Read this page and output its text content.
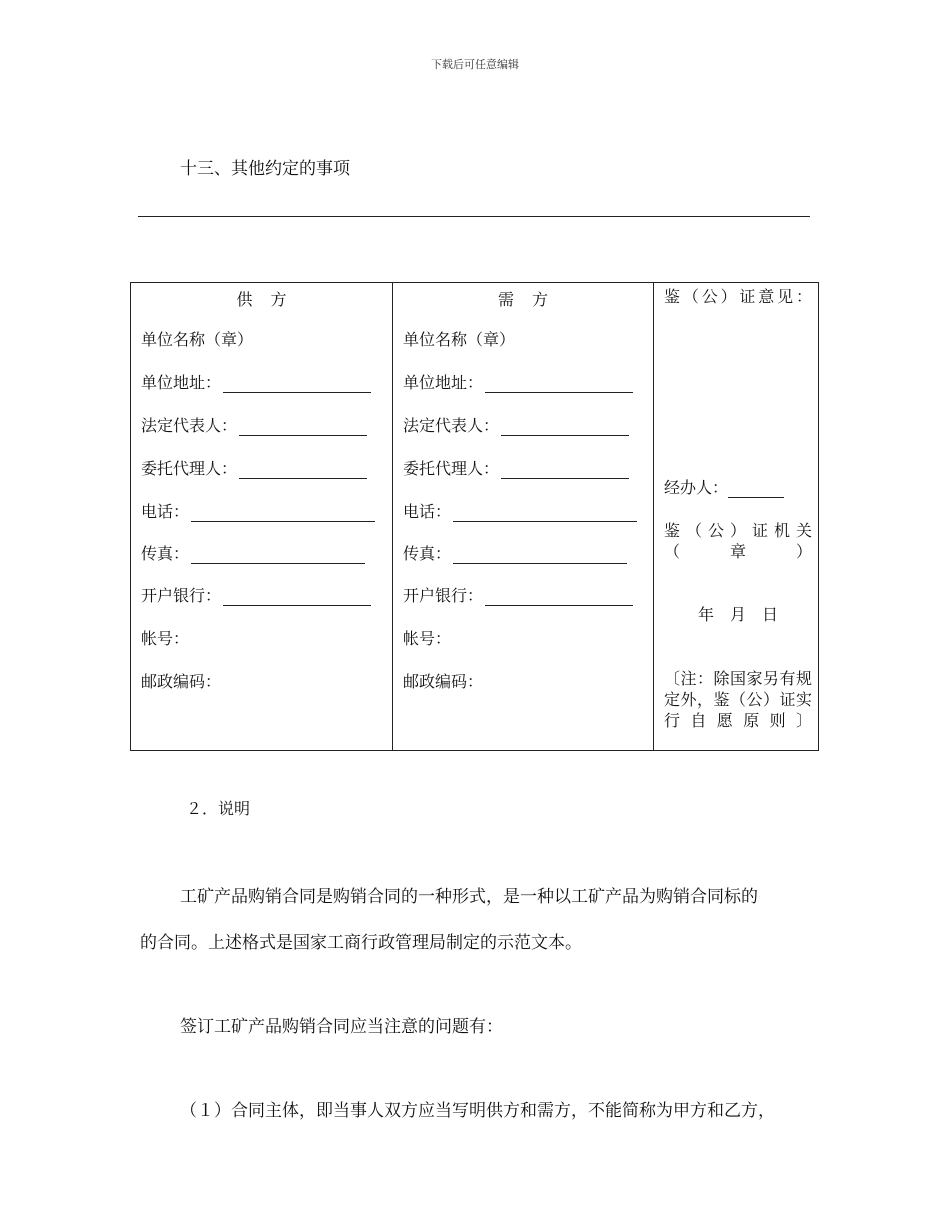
下载后可任意编辑
十三、其他约定的事项
供方
单位名称（章）
单位地址：
法定代表人：
委托代理人：
电话：
传真：
开户银行：
帐号：
邮政编码：
需方
单位名称（章）
单位地址：
法定代表人：
委托代理人：
电话：
传真：
开户银行：
帐号：
邮政编码：
鉴（公）证意见：
经办人：
鉴（公）证机关（章）
年　月　日
〔注：除国家另有规定外，鉴（公）证实行自愿原则〕
２．说明
工矿产品购销合同是购销合同的一种形式，是一种以工矿产品为购销合同标的
的合同。上述格式是国家工商行政管理局制定的示范文本。
签订工矿产品购销合同应当注意的问题有：
（１）合同主体，即当事人双方应当写明供方和需方，不能简称为甲方和乙方，
